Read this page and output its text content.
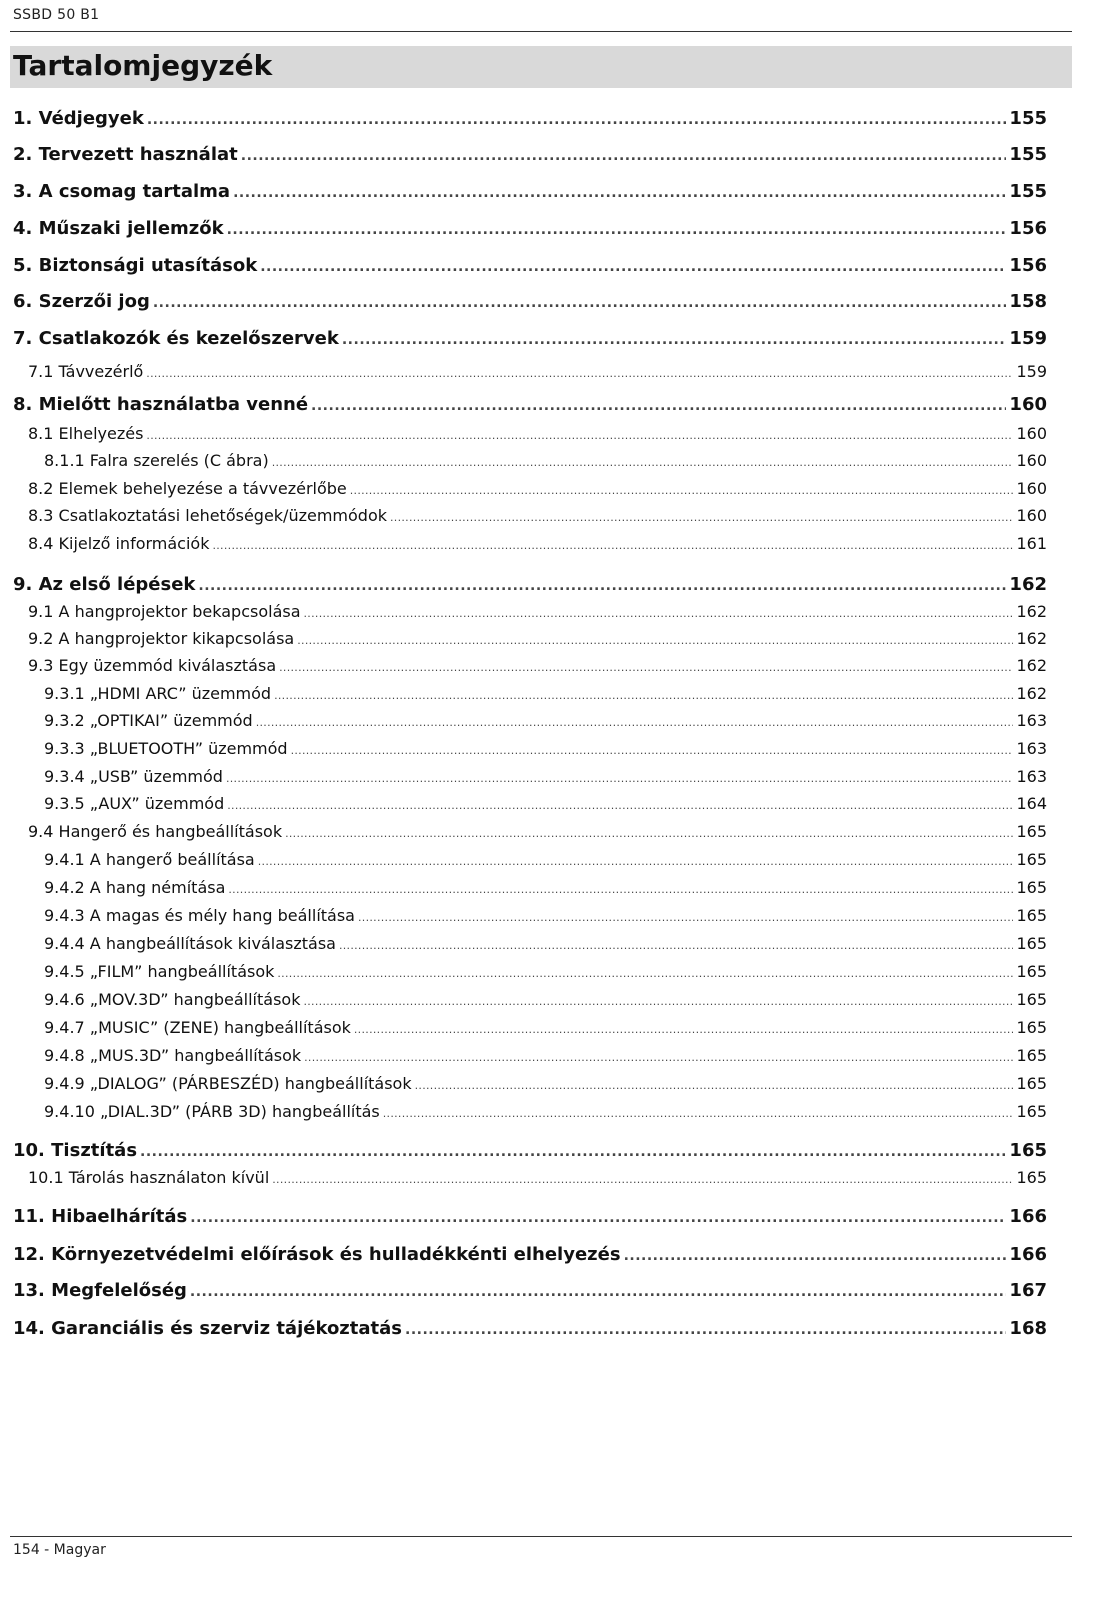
SSBD 50 B1
Tartalomjegyzék
1. Védjegyek .....	155
2. Tervezett használat .....	155
3. A csomag tartalma .....	155
4. Műszaki jellemzők .....	156
5. Biztonsági utasítások .....	156
6. Szerzői jog .....	158
7. Csatlakozók és kezelőszervek .....	159
7.1 Távvezérlő .....	159
8. Mielőtt használatba venné .....	160
8.1 Elhelyezés .....	160
8.1.1 Falra szerelés (C ábra) .....	160
8.2 Elemek behelyezése a távvezérlőbe .....	160
8.3 Csatlakoztatási lehetőségek/üzemmódok .....	160
8.4 Kijelző információk .....	161
9. Az első lépések .....	162
9.1 A hangprojektor bekapcsolása .....	162
9.2 A hangprojektor kikapcsolása .....	162
9.3 Egy üzemmód kiválasztása .....	162
9.3.1 „HDMI ARC” üzemmód .....	162
9.3.2 „OPTIKAI” üzemmód .....	163
9.3.3 „BLUETOOTH” üzemmód .....	163
9.3.4 „USB” üzemmód .....	163
9.3.5 „AUX” üzemmód .....	164
9.4 Hangerő és hangbeállítások .....	165
9.4.1 A hangerő beállítása .....	165
9.4.2 A hang némítása .....	165
9.4.3 A magas és mély hang beállítása .....	165
9.4.4 A hangbeállítások kiválasztása .....	165
9.4.5 „FILM” hangbeállítások .....	165
9.4.6 „MOV.3D” hangbeállítások .....	165
9.4.7 „MUSIC” (ZENE) hangbeállítások .....	165
9.4.8 „MUS.3D” hangbeállítások .....	165
9.4.9 „DIALOG” (PÁRBESZÉD) hangbeállítások .....	165
9.4.10 „DIAL.3D” (PÁRB 3D) hangbeállítás .....	165
10. Tisztítás .....	165
10.1 Tárolás használaton kívül .....	165
11. Hibaelhárítás .....	166
12. Környezetvédelmi előírások és hulladékkénti elhelyezés .....	166
13. Megfelelőség .....	167
14. Garanciális és szerviz tájékoztatás .....	168
154 - Magyar
